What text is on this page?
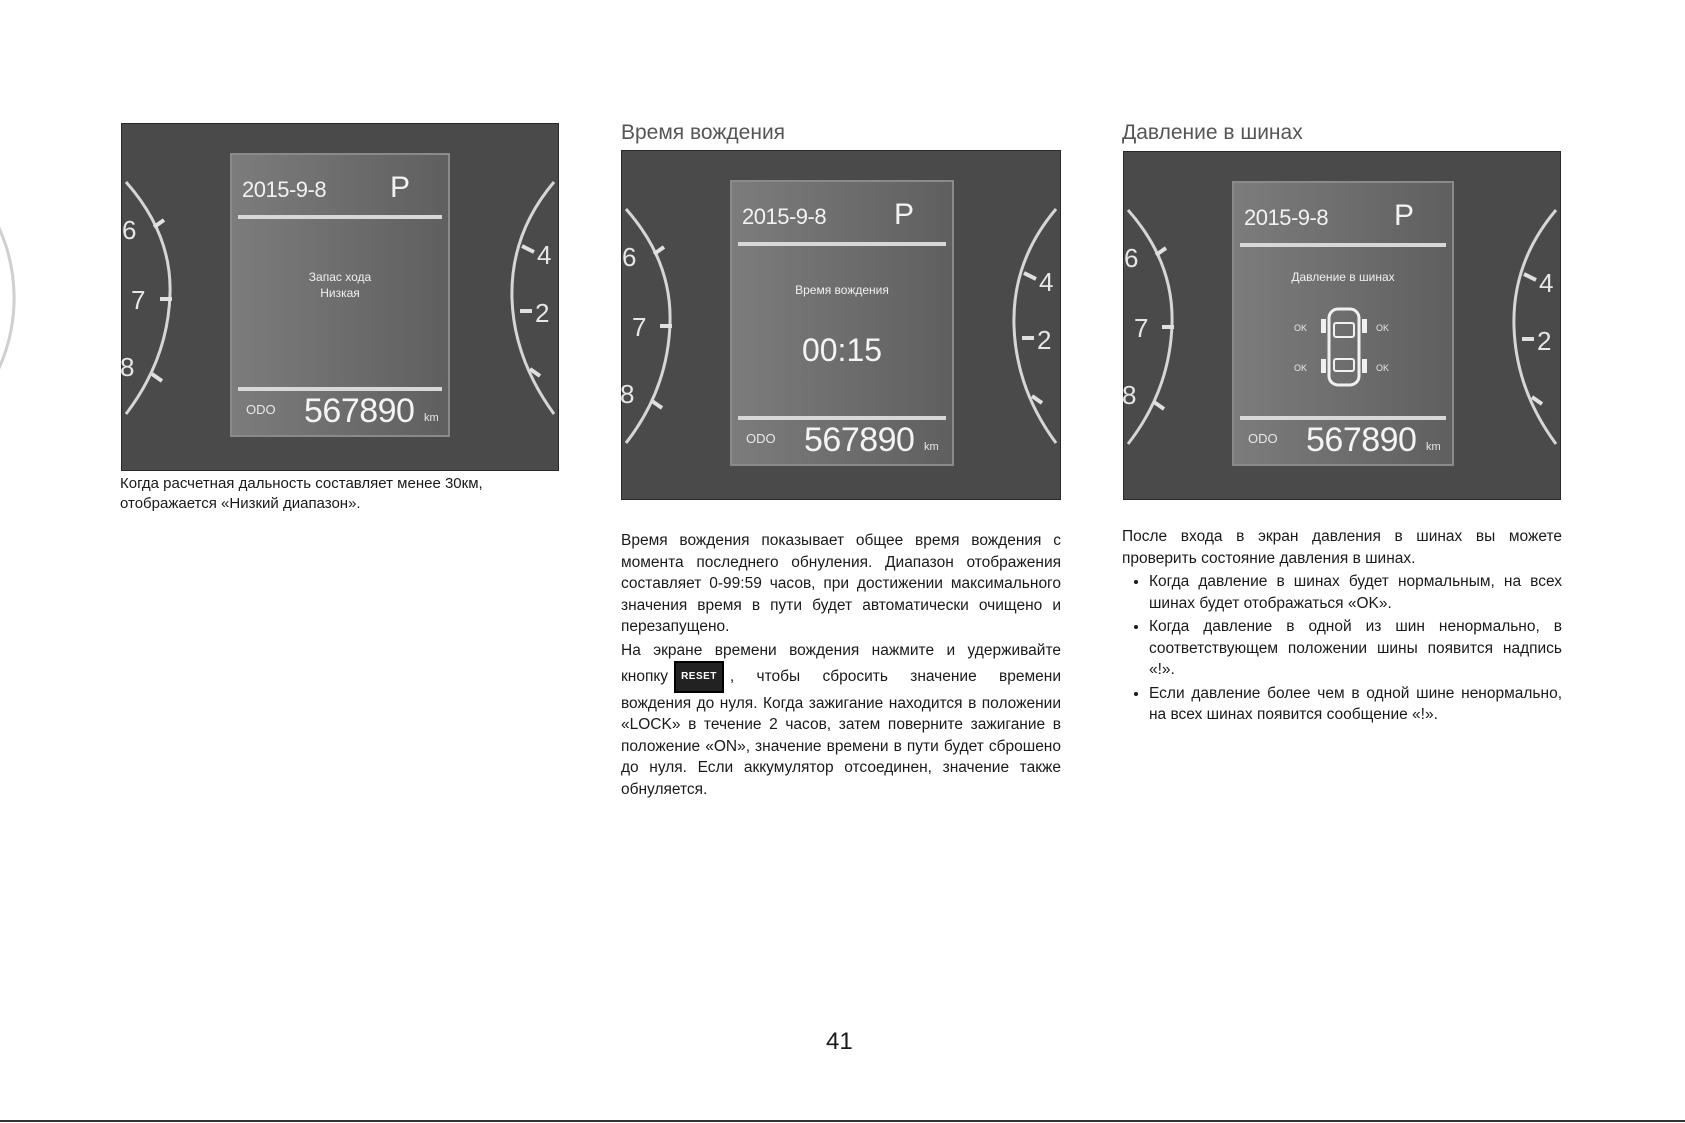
6
7
8
4
2
2015-9-8 P
Запас хода
Низкая
ODO 567890 km
Когда расчетная дальность составляет менее 30км, отображается «Низкий диапазон».
Время вождения
6
7
8
4
2
2015-9-8 P
Время вождения
00:15
ODO 567890 km

Время вождения показывает общее время вождения с момента последнего обнуления. Диапазон отображения составляет 0-99:59 часов, при достижении максимального значения время в пути будет автоматически очищено и перезапущено.

На экране времени вождения нажмите и удерживайте кнопку RESET , чтобы сбросить значение времени вождения до нуля. Когда зажигание находится в положении «LOCK» в течение 2 часов, затем поверните зажигание в положение «ON», значение времени в пути будет сброшено до нуля. Если аккумулятор отсоединен, значение также обнуляется.

Давление в шинах
6
7
8
4
2
2015-9-8 P
Давление в шинах
OK	OK
OK	OK
ODO 567890 km

После входа в экран давления в шинах вы можете проверить состояние давления в шинах.

• Когда давление в шинах будет нормальным, на всех шинах будет отображаться «OK».
• Когда давление в одной из шин ненормально, в соответствующем положении шины появится надпись «!».
• Если давление более чем в одной шине ненормально, на всех шинах появится сообщение «!».
41
